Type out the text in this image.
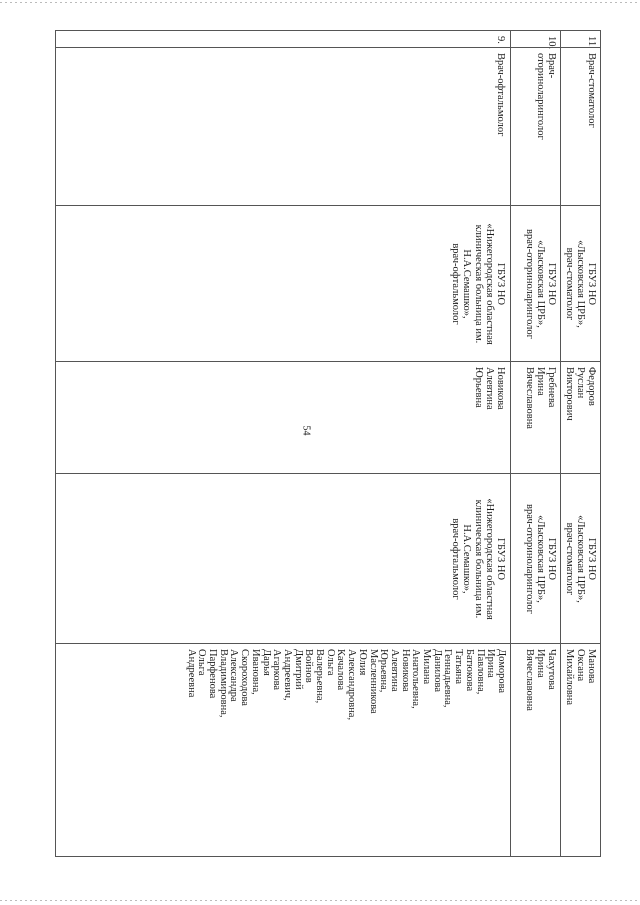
54
9.
Врач-офтальмолог
ГБУЗ НО
«Нижегородская областная
клиническая больница им.
Н.А.Семашко»,
врач-офтальмолог
Новикова
Алевтина
Юрьевна
ГБУЗ НО
«Нижегородская областная
клиническая больница им.
Н.А.Семашко»,
врач-офтальмолог
Доморова
Ирина
Павловна,
Батюкова
Татьяна
Геннадьевна,
Данилова
Милана
Анатольевна,
Новикова
Алевтина
Юрьевна,
Масленникова
Юлия
Александровна,
Качалова
Ольга
Валерьевна,
Войнов
Дмитрий
Андреевич,
Агаркова
Дарья
Ивановна,
Скороходова
Александра
Владимировна,
Парфенова
Ольга
Андреевна
10.
Врач-
оториноларинголог
ГБУЗ НО
«Лысковская ЦРБ»,
врач-оториноларинголог
Гребнева
Ирина
Вячеславовна
ГБУЗ НО
«Лысковская ЦРБ»,
врач-оториноларинголог
Чахутова
Ирина
Вячеславовна
11.
Врач-стоматолог
ГБУЗ НО
«Лысковская ЦРБ»,
врач-стоматолог
Федоров
Руслан
Викторович
ГБУЗ НО
«Лысковская ЦРБ»,
врач-стоматолог
Манова
Оксана
Михайловна
